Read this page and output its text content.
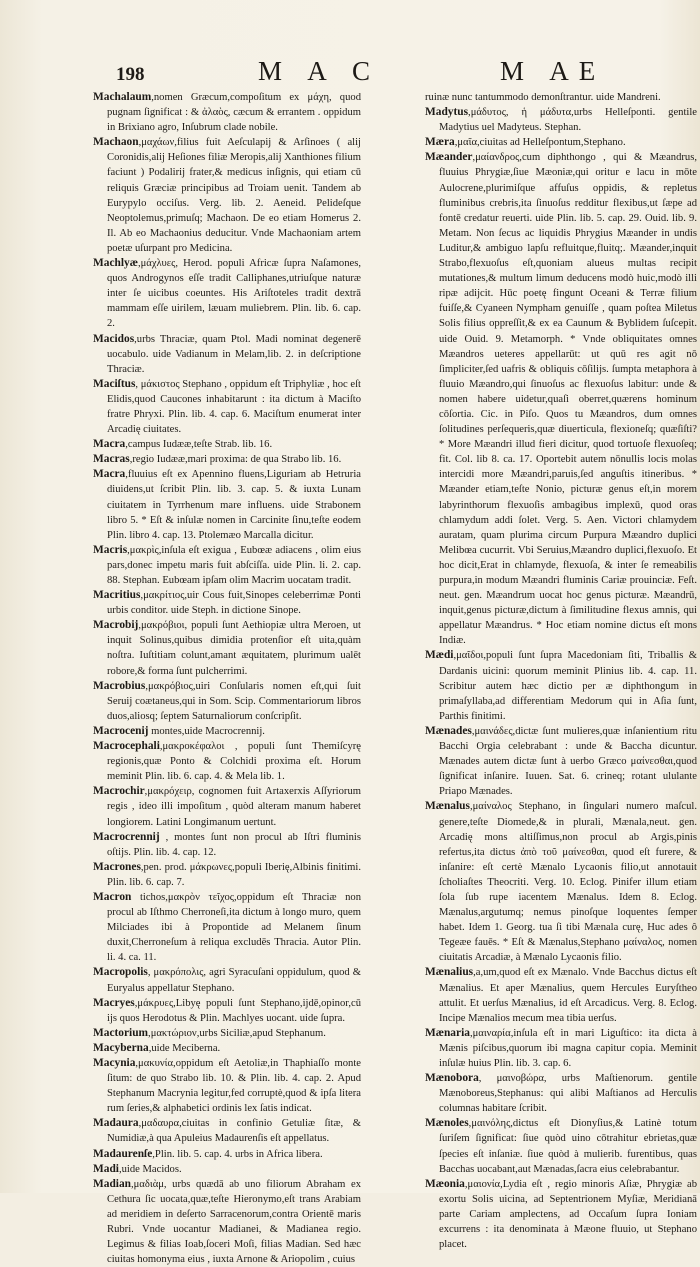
198	M A C	M AE

Machalaum,nomen Græcum,compoſitum ex μάχη, quod pugnam ſignificat : & ἀλαὸς, cæcum & errantem . oppidum in Brixiano agro, Inſubrum clade nobile.

Machaon,μαχάων,filius fuit Aeſculapij & Arſinoes ( alij Coronidis,alij Heſiones filiæ Meropis,alij Xanthiones filium faciunt ) Podalirij frater,& medicus inſignis, qui etiam cū reliquis Græciæ principibus ad Troiam uenit. Tandem ab Eurypylo occiſus. Verg. lib. 2. Aeneid. Pelideſque Neoptolemus,primuſq; Machaon. De eo etiam Homerus 2. Il. Ab eo Machaonius deducitur. Vnde Machaoniam artem poetæ uſurpant pro Medicina.

Machlyæ,μάχλυες, Herod. populi Africæ ſupra Naſamones, quos Androgynos eſſe tradit Calliphanes,utriuſque naturæ inter ſe uicibus coeuntes. His Ariſtoteles tradit dextrā mammam eſſe uirilem, læuam muliebrem. Plin. lib. 6. cap. 2.

Macidos,urbs Thraciæ, quam Ptol. Madi nominat degenerē uocabulo. uide Vadianum in Melam,lib. 2. in deſcriptione Thraciæ.

Maciſtus, μάκιστος Stephano , oppidum eſt Triphyliæ , hoc eſt Elidis,quod Caucones inhabitarunt : ita dictum à Maciſto fratre Phryxi. Plin. lib. 4. cap. 6. Maciſtum enumerat inter Arcadię ciuitates.

Macra,campus Iudææ,teſte Strab. lib. 16.

Macras,regio Iudææ,mari proxima: de qua Strabo lib. 16.

Macra,fluuius eſt ex Apennino fluens,Liguriam ab Hetruria diuidens,ut ſcribit Plin. lib. 3. cap. 5. & iuxta Lunam ciuitatem in Tyrrhenum mare influens. uide Strabonem libro 5. * Eſt & inſulæ nomen in Carcinite ſinu,teſte eodem Plin. libro 4. cap. 13. Ptolemæo Marcalla dicitur.

Macris,μακρὶς,inſula eſt exigua , Eubœæ adiacens , olim eius pars,donec impetu maris fuit abſciſſa. uide Plin. li. 2. cap. 88. Stephan. Eubœam ipſam olim Macrim uocatam tradit.

Macritius,μακρίτιος,uir Cous fuit,Sinopes celeberrimæ Ponti urbis conditor. uide Steph. in dictione Sinope.

Macrobij,μακρόβιοι, populi ſunt Aethiopiæ ultra Meroen, ut inquit Solinus,quibus dimidia protenſior eſt uita,quàm noſtra. Iuſtitiam colunt,amant æquitatem, plurimum ualēt robore,& forma ſunt pulcherrimi.

Macrobius,μακρόβιος,uiri Conſularis nomen eſt,qui ſuit Seruij coætaneus,qui in Som. Scip. Commentariorum libros duos,aliosq; ſeptem Saturnaliorum conſcripſit.

Macrocenij montes,uide Macrocrennij.

Macrocephali,μακροκέφαλοι , populi ſunt Themiſcyrę regionis,quæ Ponto & Colchidi proxima eſt. Horum meminit Plin. lib. 6. cap. 4. & Mela lib. 1.

Macrochir,μακρόχειρ, cognomen fuit Artaxerxis Aſſyriorum regis , ideo illi impoſitum , quòd alteram manum haberet longiorem. Latini Longimanum uertunt.

Macrocrennij , montes ſunt non procul ab Iſtri fluminis oſtijs. Plin. lib. 4. cap. 12.

Macrones,pen. prod. μάκρωνες,populi Iberię,Albinis finitimi. Plin. lib. 6. cap. 7.

Macron tichos,μακρὸν τεῖχος,oppidum eſt Thraciæ non procul ab Iſthmo Cherroneſi,ita dictum à longo muro, quem Milciades ibi à Propontide ad Melanem ſinum duxit,Cherroneſum à reliqua excludēs Thracia. Autor Plin. li. 4. ca. 11.

Macropolis, μακρόπολις, agri Syracuſani oppidulum, quod & Euryalus appellatur Stephano.

Macryes,μάκρυες,Libyę populi ſunt Stephano,ijdē,opinor,cū ijs quos Herodotus & Plin. Machlyes uocant. uide ſupra.

Mactorium,μακτώριον,urbs Siciliæ,apud Stephanum.

Macyberna,uide Meciberna.

Macynia,μακυνία,oppidum eſt Aetoliæ,in Thaphiaſſo monte ſitum: de quo Strabo lib. 10. & Plin. lib. 4. cap. 2. Apud Stephanum Macrynia legitur,fed corruptè,quod & ipſa litera rum ſeries,& alphabetici ordinis lex ſatis indicat.

Madaura,μαδαυρα,ciuitas in confinio Getuliæ ſitæ, & Numidiæ,à qua Apuleius Madaurenſis eſt appellatus.

Madaurenſe,Plin. lib. 5. cap. 4. urbs in Africa libera.

Madi,uide Macidos.

Madian,μαδιὰμ, urbs quædā ab uno filiorum Abraham ex Cethura ſic uocata,quæ,teſte Hieronymo,eſt trans Arabiam ad meridiem in deſerto Sarracenorum,contra Orientē maris Rubri. Vnde uocantur Madianei, & Madianea regio. Legimus & filias Ioab,ſoceri Moſi, filias Madian. Sed hæc ciuitas homonyma eius , iuxta Arnone & Ariopolim , cuius

ruinæ nunc tantummodo demonſtrantur. uide Mandreni.

Madytus,μάδυτος, ἡ μάδυτα,urbs Helleſponti. gentile Madytius uel Madyteus. Stephan.

Mæra,μαῖα,ciuitas ad Helleſpontum,Stephano.

Mæander,μαίανδρος,cum diphthongo , qui & Mæandrus, fluuius Phrygiæ,ſiue Mæoniæ,qui oritur e lacu in mōte Aulocrene,plurimiſque affuſus oppidis, & repletus fluminibus crebris,ita ſinuoſus redditur flexibus,ut ſæpe ad fontē credatur reuerti. uide Plin. lib. 5. cap. 29. Ouid. lib. 9. Metam. Non ſecus ac liquidis Phrygius Mæander in undis Luditur,& ambiguo lapſu refluitque,fluitq;. Mæander,inquit Strabo,flexuoſus eſt,quoniam alueus multas recipit mutationes,& multum limum deducens modò huic,modò illi ripæ adijcit. Hūc poetę fingunt Oceani & Terræ filium fuiſſe,& Cyaneen Nympham genuiſſe , quam poſtea Miletus Solis filius oppreſſit,& ex ea Caunum & Byblidem ſuſcepit. uide Ouid. 9. Metamorph. * Vnde obliquitates omnes Mæandros ueteres appellarūt: ut quū res agit nō ſimpliciter,ſed uafris & obliquis cōſilijs. ſumpta metaphora à fluuio Mæandro,qui ſinuoſus ac flexuoſus labitur: unde & nomen habere uidetur,quaſi oberret,quærens hominum cōſortia. Cic. in Piſo. Quos tu Mæandros, dum omnes ſolitudines perſequeris,quæ diuerticula, flexioneſq; quæſiſti? * More Mæandri illud fieri dicitur, quod tortuoſe flexuoſeq; fit. Col. lib 8. ca. 17. Oportebit autem nōnullis locis molas intercidi more Mæandri,paruis,ſed anguſtis itineribus. * Mæander etiam,teſte Nonio, picturæ genus eſt,in morem labyrinthorum flexuoſis ambagibus implexū, quod oras chlamydum addi ſolet. Verg. 5. Aen. Victori chlamydem auratam, quam plurima circum Purpura Mæandro duplici Melibœa cucurrit. Vbi Seruius,Mæandro duplici,flexuoſo. Et hoc dicit,Erat in chlamyde, flexuoſa, & inter ſe remeabilis purpura,in modum Mæandri fluminis Cariæ prouinciæ. Feſt. neut. gen. Mæandrum uocat hoc genus picturæ. Mæandrū, inquit,genus picturæ,dictum à ſimilitudine flexus amnis, qui appellatur Mæandrus. * Hoc etiam nomine dictus eſt mons Indiæ.

Mædi,μαῖδοι,populi ſunt ſupra Macedoniam ſiti, Triballis & Dardanis uicini: quorum meminit Plinius lib. 4. cap. 11. Scribitur autem hæc dictio per æ diphthongum in primaſyllaba,ad differentiam Medorum qui in Aſia ſunt, Parthis finitimi.

Mænades,μαινάδες,dictæ ſunt mulieres,quæ inſanientium ritu Bacchi Orgia celebrabant : unde & Baccha dicuntur. Mænades autem dictæ ſunt à uerbo Græco μαίνεσθαι,quod ſignificat inſanire. Iuuen. Sat. 6. crineq; rotant ululante Priapo Mænades.

Mænalus,μαίναλος Stephano, in ſingulari numero maſcul. genere,teſte Diomede,& in plurali, Mænala,neut. gen. Arcadię mons altiſſimus,non procul ab Argis,pinis refertus,ita dictus ἀπὸ τοῦ μαίνεσθαι, quod eſt furere, & inſanire: eſt certè Mænalo Lycaonis filio,ut annotauit ſcholiaſtes Theocriti. Verg. 10. Eclog. Pinifer illum etiam ſola ſub rupe iacentem Mænalus. Idem 8. Eclog. Mænalus,argutumq; nemus pinoſque loquentes ſemper habet. Idem 1. Georg. tua ſi tibi Mænala curę, Huc ades ô Tegeæe fauēs. * Eſt & Mænalus,Stephano μαίναλος, nomen ciuitatis Arcadiæ, à Mænalo Lycaonis filio.

Mænalius,a,um,quod eſt ex Mænalo. Vnde Bacchus dictus eſt Mænalius. Et aper Mænalius, quem Hercules Euryſtheo attulit. Et uerſus Mænalius, id eſt Arcadicus. Verg. 8. Eclog. Incipe Mænalios mecum mea tibia uerſus.

Mænaria,μαιναρία,inſula eſt in mari Liguſtico: ita dicta à Mænis piſcibus,quorum ibi magna capitur copia. Meminit inſulæ huius Plin. lib. 3. cap. 6.

Mænobora, μαινοβώρα, urbs Maſtienorum. gentile Mænoboreus,Stephanus: qui alibi Maſtianos ad Herculis columnas habitare ſcribit.

Mænoles,μαινόλης,dictus eſt Dionyſius,& Latinè totum ſuriſem ſignificat: ſiue quòd uino cōtrahitur ebrietas,quæ ſpecies eſt inſaniæ. ſiue quòd à mulierib. furentibus, quas Bacchas uocabant,aut Mænadas,ſacra eius celebrabantur.

Mæonia,μαιονία,Lydia eſt , regio minoris Aſiæ, Phrygiæ ab exortu Solis uicina, ad Septentrionem Myſiæ, Meridianā parte Cariam amplectens, ad Occaſum ſupra Ioniam excurrens : ita denominata à Mæone fluuio, ut Stephano placet.
